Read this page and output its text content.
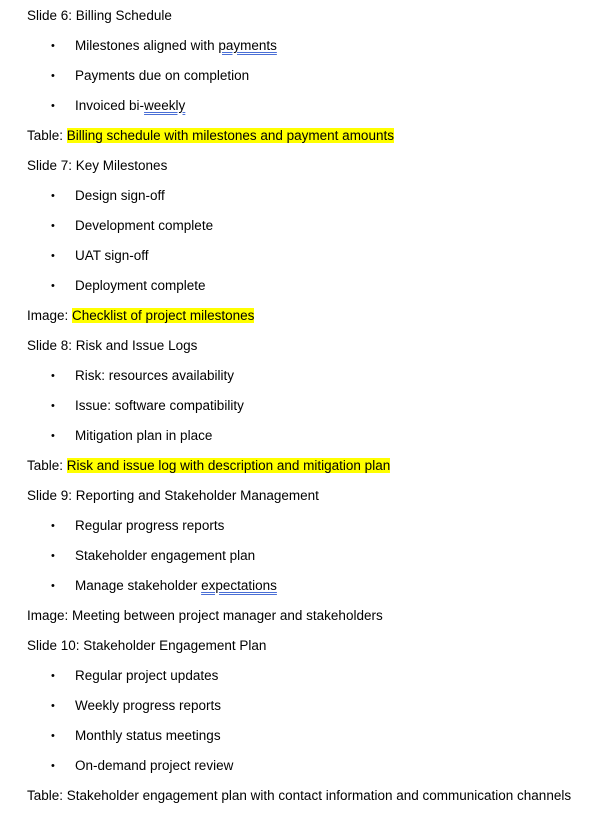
Slide 6: Billing Schedule
• Milestones aligned with payments
• Payments due on completion
• Invoiced bi-weekly
Table: Billing schedule with milestones and payment amounts
Slide 7: Key Milestones
• Design sign-off
• Development complete
• UAT sign-off
• Deployment complete
Image: Checklist of project milestones
Slide 8: Risk and Issue Logs
• Risk: resources availability
• Issue: software compatibility
• Mitigation plan in place
Table: Risk and issue log with description and mitigation plan
Slide 9: Reporting and Stakeholder Management
• Regular progress reports
• Stakeholder engagement plan
• Manage stakeholder expectations
Image: Meeting between project manager and stakeholders
Slide 10: Stakeholder Engagement Plan
• Regular project updates
• Weekly progress reports
• Monthly status meetings
• On-demand project review
Table: Stakeholder engagement plan with contact information and communication channels
